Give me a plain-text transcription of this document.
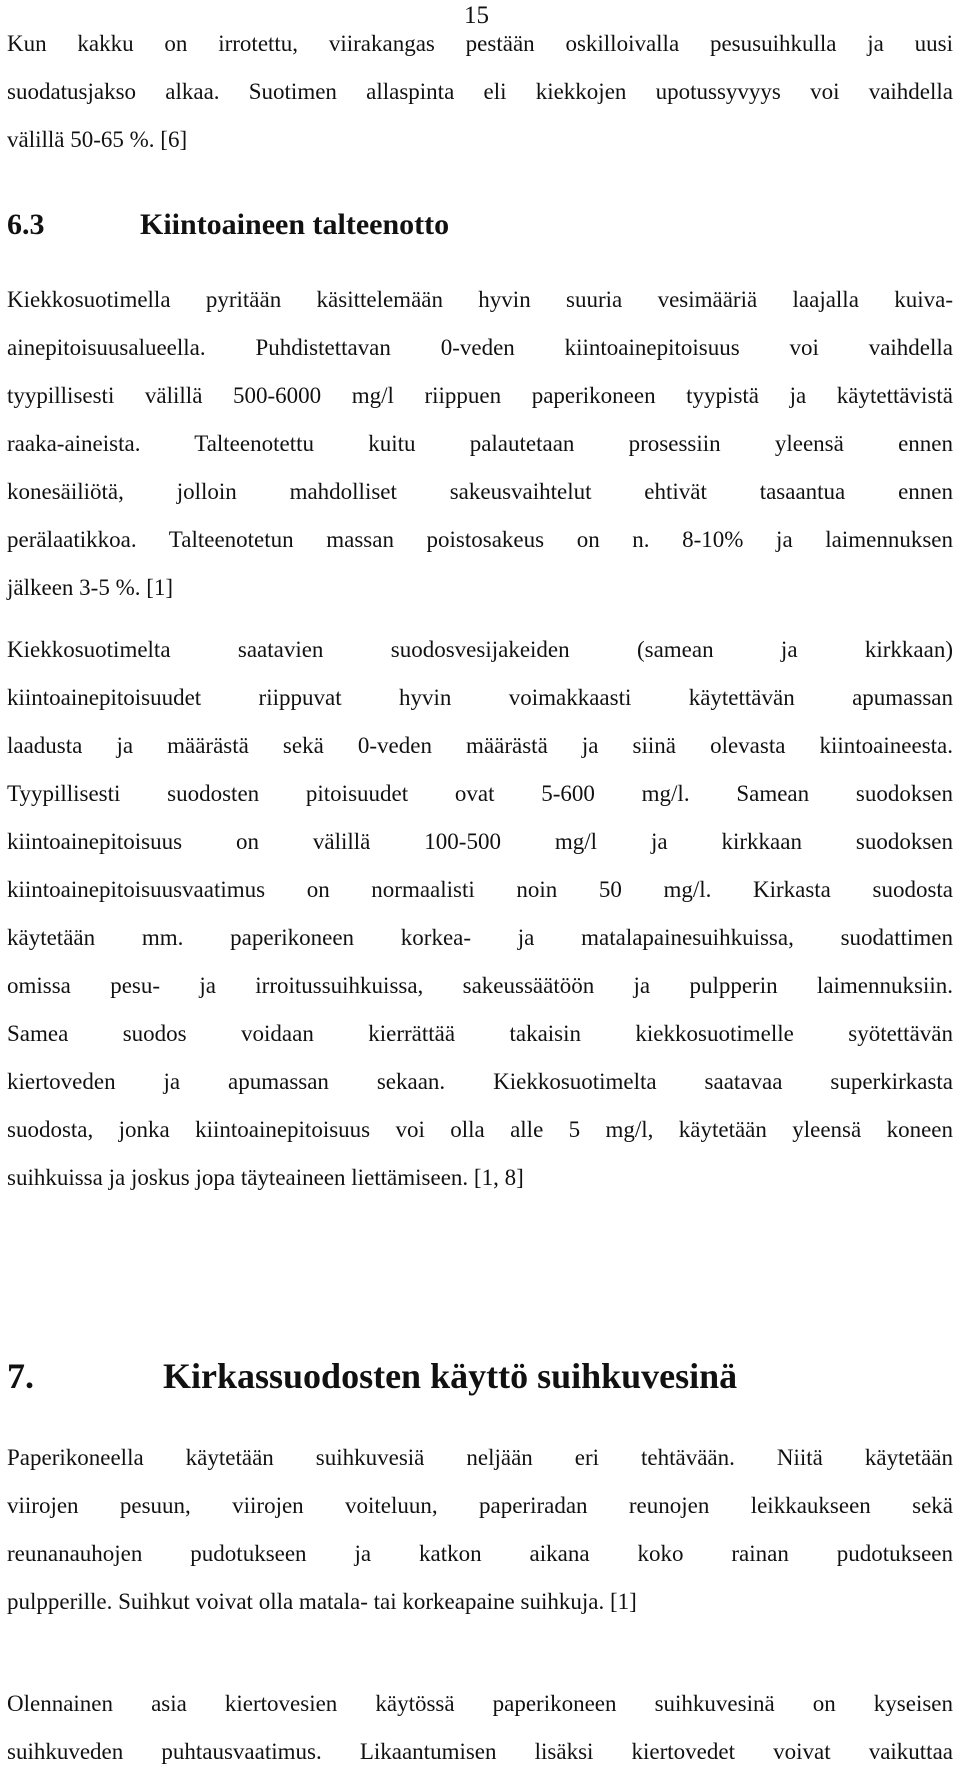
15
Kun kakku on irrotettu, viirakangas pestään oskilloivalla pesusuihkulla ja uusi
suodatusjakso alkaa. Suotimen allaspinta eli kiekkojen upotussyvyys voi vaihdella
välillä 50-65 %. [6]
6.3	Kiintoaineen talteenotto
Kiekkosuotimella pyritään käsittelemään hyvin suuria vesimääriä laajalla kuiva-
ainepitoisuusalueella. Puhdistettavan 0-veden kiintoainepitoisuus voi vaihdella
tyypillisesti välillä 500-6000 mg/l riippuen paperikoneen tyypistä ja käytettävistä
raaka-aineista. Talteenotettu kuitu palautetaan prosessiin yleensä ennen
konesäiliötä, jolloin mahdolliset sakeusvaihtelut ehtivät tasaantua ennen
perälaatikkoa. Talteenotetun massan poistosakeus on n. 8-10% ja laimennuksen
jälkeen 3-5 %. [1]
Kiekkosuotimelta saatavien suodosvesijakeiden (samean ja kirkkaan)
kiintoainepitoisuudet riippuvat hyvin voimakkaasti käytettävän apumassan
laadusta ja määrästä sekä 0-veden määrästä ja siinä olevasta kiintoaineesta.
Tyypillisesti suodosten pitoisuudet ovat 5-600 mg/l. Samean suodoksen
kiintoainepitoisuus on välillä 100-500 mg/l ja kirkkaan suodoksen
kiintoainepitoisuusvaatimus on normaalisti noin 50 mg/l. Kirkasta suodosta
käytetään mm. paperikoneen korkea- ja matalapainesuihkuissa, suodattimen
omissa pesu- ja irroitussuihkuissa, sakeussäätöön ja pulpperin laimennuksiin.
Samea suodos voidaan kierrättää takaisin kiekkosuotimelle syötettävän
kiertoveden ja apumassan sekaan. Kiekkosuotimelta saatavaa superkirkasta
suodosta, jonka kiintoainepitoisuus voi olla alle 5 mg/l, käytetään yleensä koneen
suihkuissa ja joskus jopa täyteaineen liettämiseen. [1, 8]
7.	Kirkassuodosten käyttö suihkuvesinä
Paperikoneella käytetään suihkuvesiä neljään eri tehtävään. Niitä käytetään
viirojen pesuun, viirojen voiteluun, paperiradan reunojen leikkaukseen sekä
reunanauhojen pudotukseen ja katkon aikana koko rainan pudotukseen
pulpperille. Suihkut voivat olla matala- tai korkeapaine suihkuja. [1]
Olennainen asia kiertovesien käytössä paperikoneen suihkuvesinä on kyseisen
suihkuveden puhtausvaatimus. Likaantumisen lisäksi kiertovedet voivat vaikuttaa
